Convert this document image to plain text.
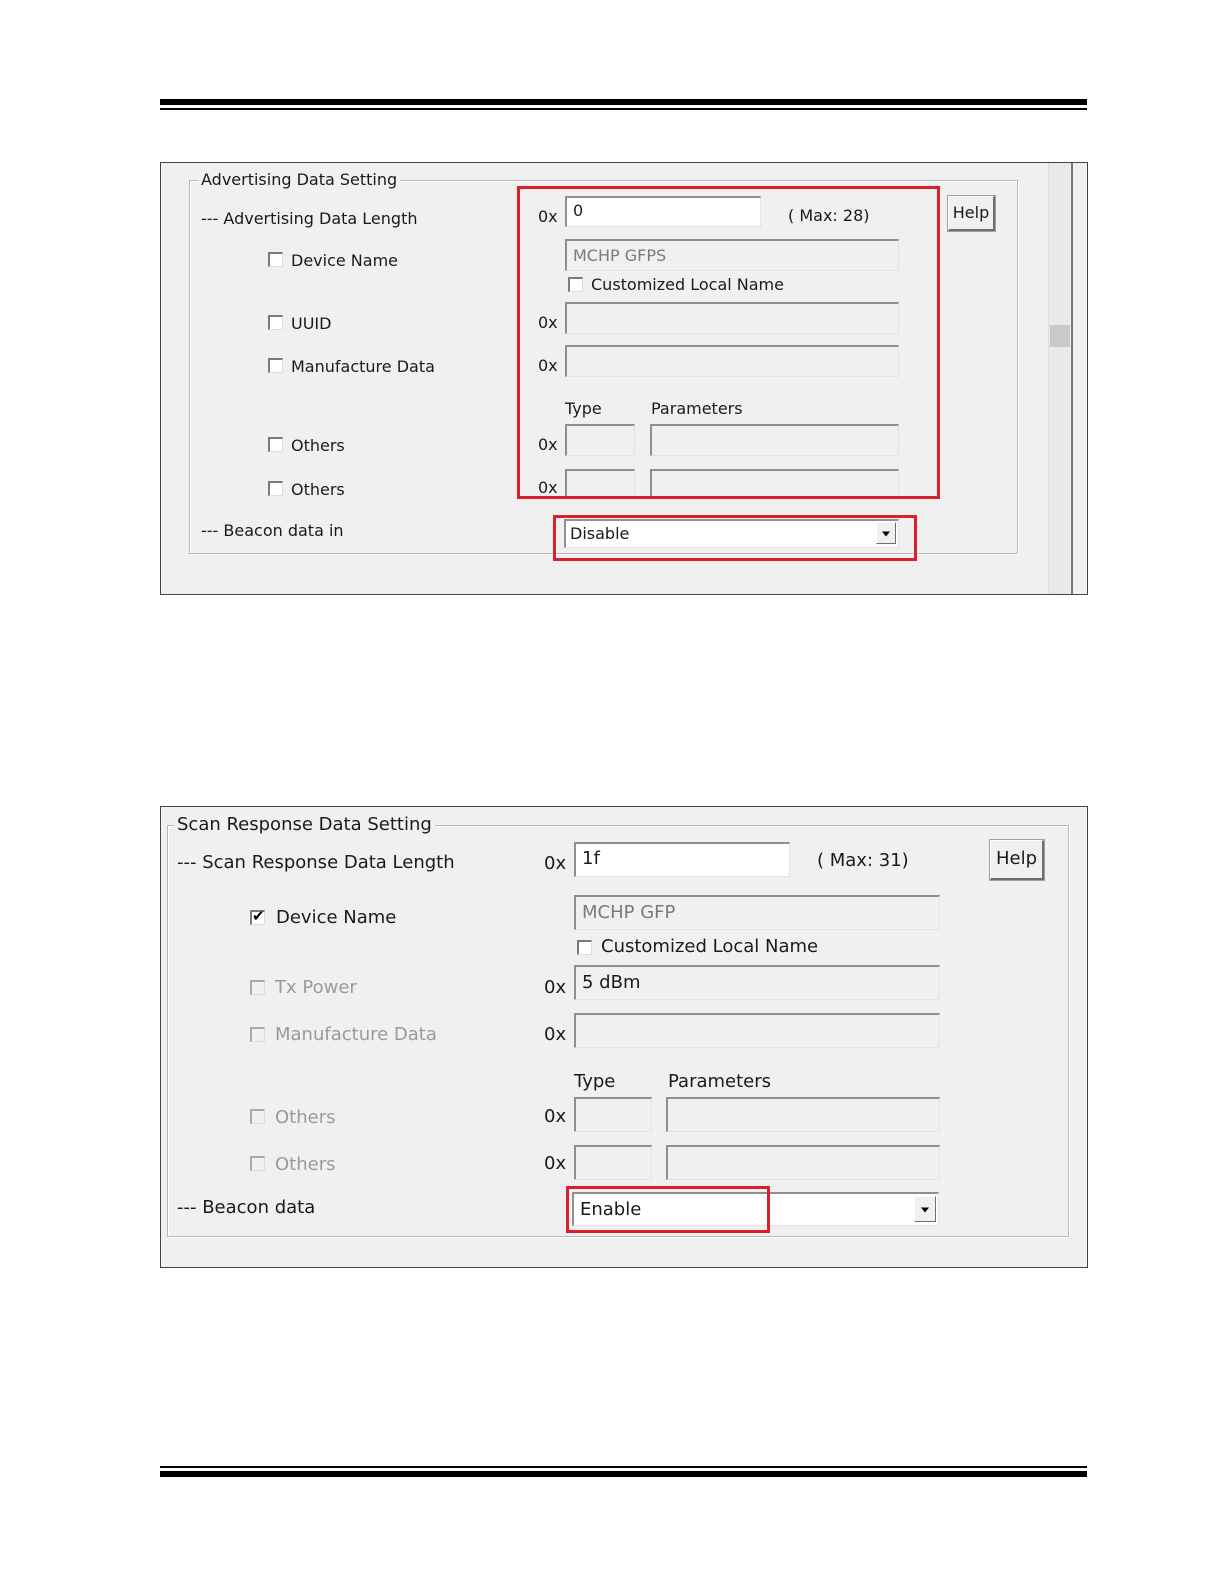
Advertising Data Setting
--- Advertising Data Length	0x 0	( Max: 28)	Help
Device Name	MCHP GFPS
Customized Local Name
UUID	0x
Manufacture Data	0x
Type	Parameters
Others	0x
Others	0x
--- Beacon data in	Disable
Scan Response Data Setting
--- Scan Response Data Length	0x 1f	( Max: 31)	Help
✔ Device Name	MCHP GFP
Customized Local Name
Tx Power	0x 5 dBm
Manufacture Data	0x
Type	Parameters
Others	0x
Others	0x
--- Beacon data	Enable
